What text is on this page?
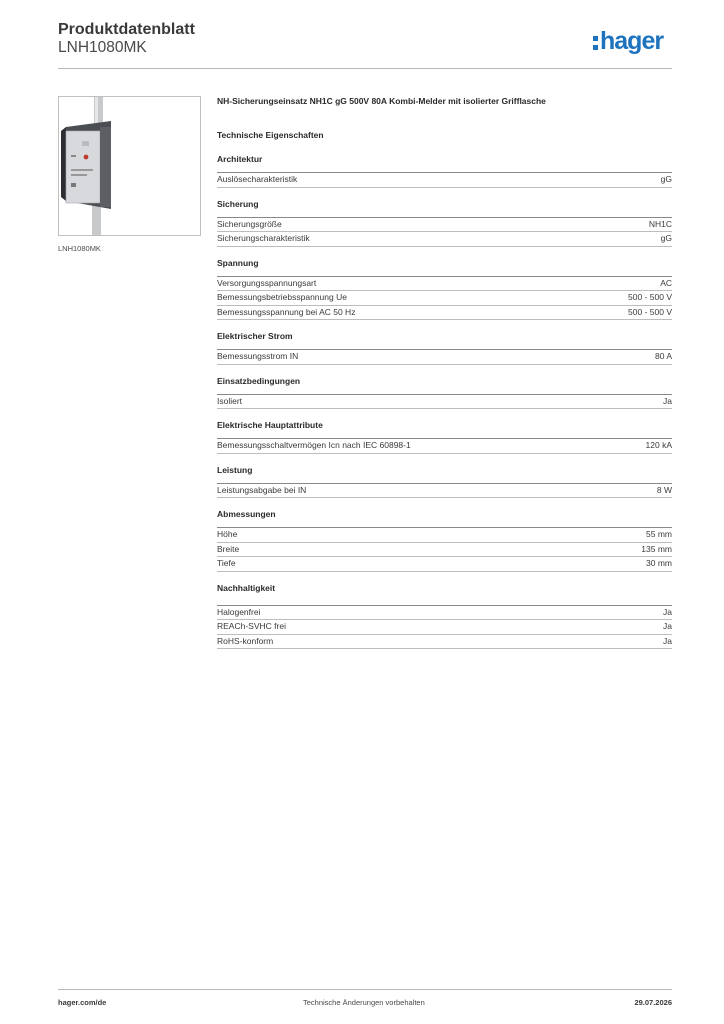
Produktdatenblatt
LNH1080MK	hager
LNH1080MK
NH-Sicherungseinsatz NH1C gG 500V 80A Kombi-Melder mit isolierter Grifflasche
Technische Eigenschaften
Architektur
Auslösecharakteristik	gG
Sicherung
Sicherungsgröße	NH1C
Sicherungscharakteristik	gG
Spannung
Versorgungsspannungsart	AC
Bemessungsbetriebsspannung Ue	500 - 500 V
Bemessungsspannung bei AC 50 Hz	500 - 500 V
Elektrischer Strom
Bemessungsstrom IN	80 A
Einsatzbedingungen
Isoliert	Ja
Elektrische Hauptattribute
Bemessungsschaltvermögen Icn nach IEC 60898-1	120 kA
Leistung
Leistungsabgabe bei IN	8 W
Abmessungen
Höhe	55 mm
Breite	135 mm
Tiefe	30 mm
Nachhaltigkeit
Halogenfrei	Ja
REACh-SVHC frei	Ja
RoHS-konform	Ja
hager.com/de	Technische Änderungen vorbehalten	29.07.2026
